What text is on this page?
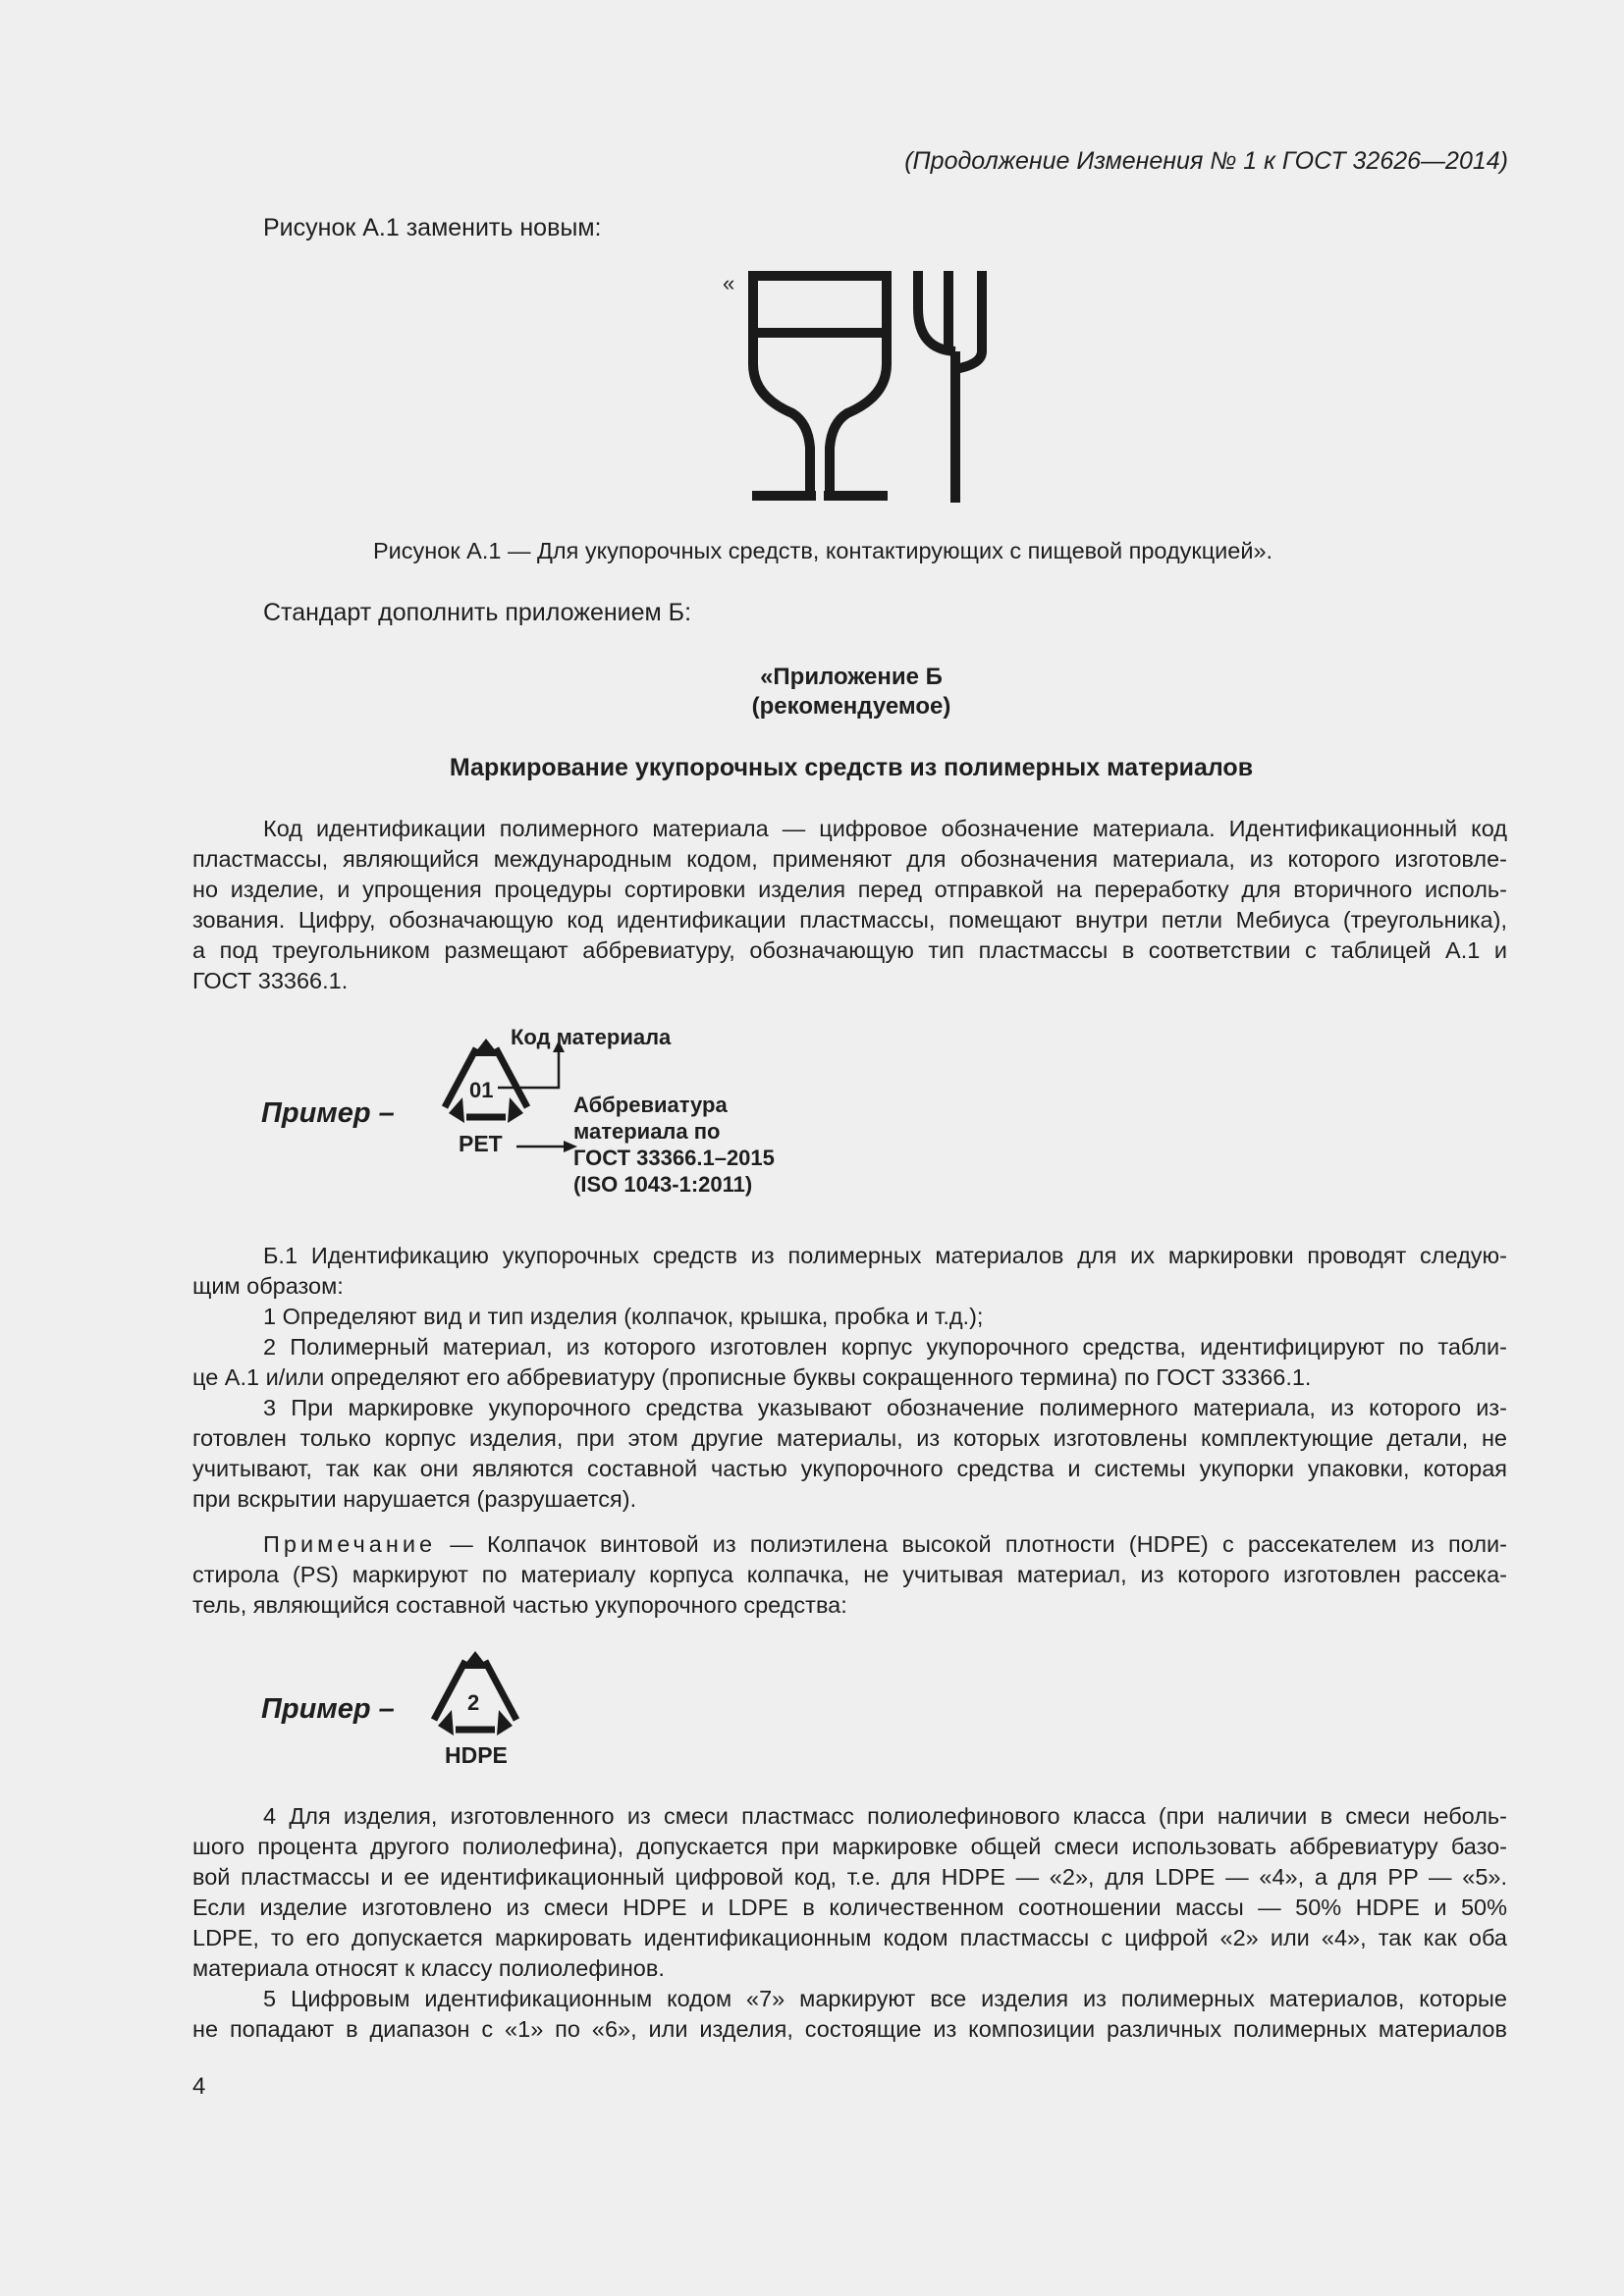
(Продолжение Изменения № 1 к ГОСТ 32626—2014)
Рисунок А.1 заменить новым:
«
Рисунок А.1 — Для укупорочных средств, контактирующих с пищевой продукцией».
Стандарт дополнить приложением Б:
«Приложение Б
(рекомендуемое)
Маркирование укупорочных средств из полимерных материалов
Код идентификации полимерного материала — цифровое обозначение материала. Идентификационный код
пластмассы, являющийся международным кодом, применяют для обозначения материала, из которого изготовле-
но изделие, и упрощения процедуры сортировки изделия перед отправкой на переработку для вторичного исполь-
зования. Цифру, обозначающую код идентификации пластмассы, помещают внутри петли Мебиуса (треугольника),
а под треугольником размещают аббревиатуру, обозначающую тип пластмассы в соответствии с таблицей А.1 и
ГОСТ 33366.1.
Пример –
01
PET
Код материала
Аббревиатура
материала по
ГОСТ 33366.1–2015
(ISO 1043-1:2011)
Б.1 Идентификацию укупорочных средств из полимерных материалов для их маркировки проводят следую-
щим образом:
1 Определяют вид и тип изделия (колпачок, крышка, пробка и т.д.);
2 Полимерный материал, из которого изготовлен корпус укупорочного средства, идентифицируют по табли-
це А.1 и/или определяют его аббревиатуру (прописные буквы сокращенного термина) по ГОСТ 33366.1.
3 При маркировке укупорочного средства указывают обозначение полимерного материала, из которого из-
готовлен только корпус изделия, при этом другие материалы, из которых изготовлены комплектующие детали, не
учитывают, так как они являются составной частью укупорочного средства и системы укупорки упаковки, которая
при вскрытии нарушается (разрушается).
Примечание — Колпачок винтовой из полиэтилена высокой плотности (HDPE) с рассекателем из поли-
стирола (PS) маркируют по материалу корпуса колпачка, не учитывая материал, из которого изготовлен рассека-
тель, являющийся составной частью укупорочного средства:
Пример –	2
HDPE
4 Для изделия, изготовленного из смеси пластмасс полиолефинового класса (при наличии в смеси неболь-
шого процента другого полиолефина), допускается при маркировке общей смеси использовать аббревиатуру базо-
вой пластмассы и ее идентификационный цифровой код, т.е. для HDPE — «2», для LDPE — «4», а для PP — «5».
Если изделие изготовлено из смеси HDPE и LDPE в количественном соотношении массы — 50% HDPE и 50%
LDPE, то его допускается маркировать идентификационным кодом пластмассы с цифрой «2» или «4», так как оба
материала относят к классу полиолефинов.
5 Цифровым идентификационным кодом «7» маркируют все изделия из полимерных материалов, которые
не попадают в диапазон с «1» по «6», или изделия, состоящие из композиции различных полимерных материалов
4
